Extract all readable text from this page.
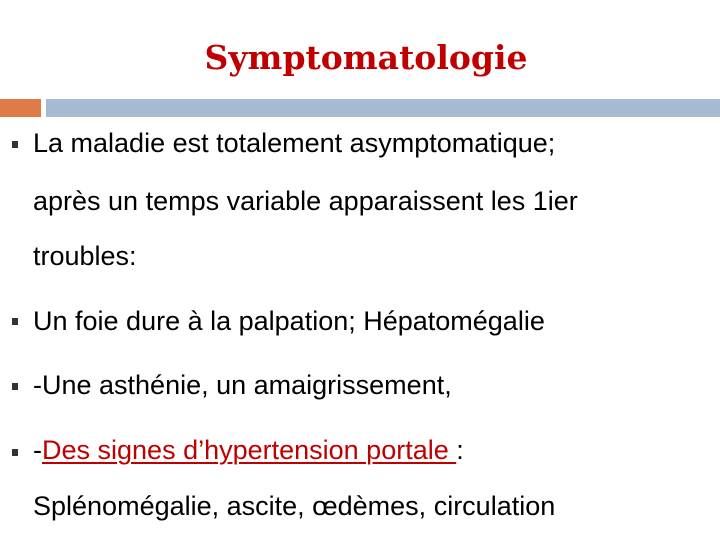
Symptomatologie
La maladie est totalement asymptomatique;
après un temps variable apparaissent les 1ier
troubles:
Un foie dure à la palpation; Hépatomégalie
-Une asthénie, un amaigrissement,
-Des signes d’hypertension portale :
Splénomégalie, ascite, œdèmes, circulation
